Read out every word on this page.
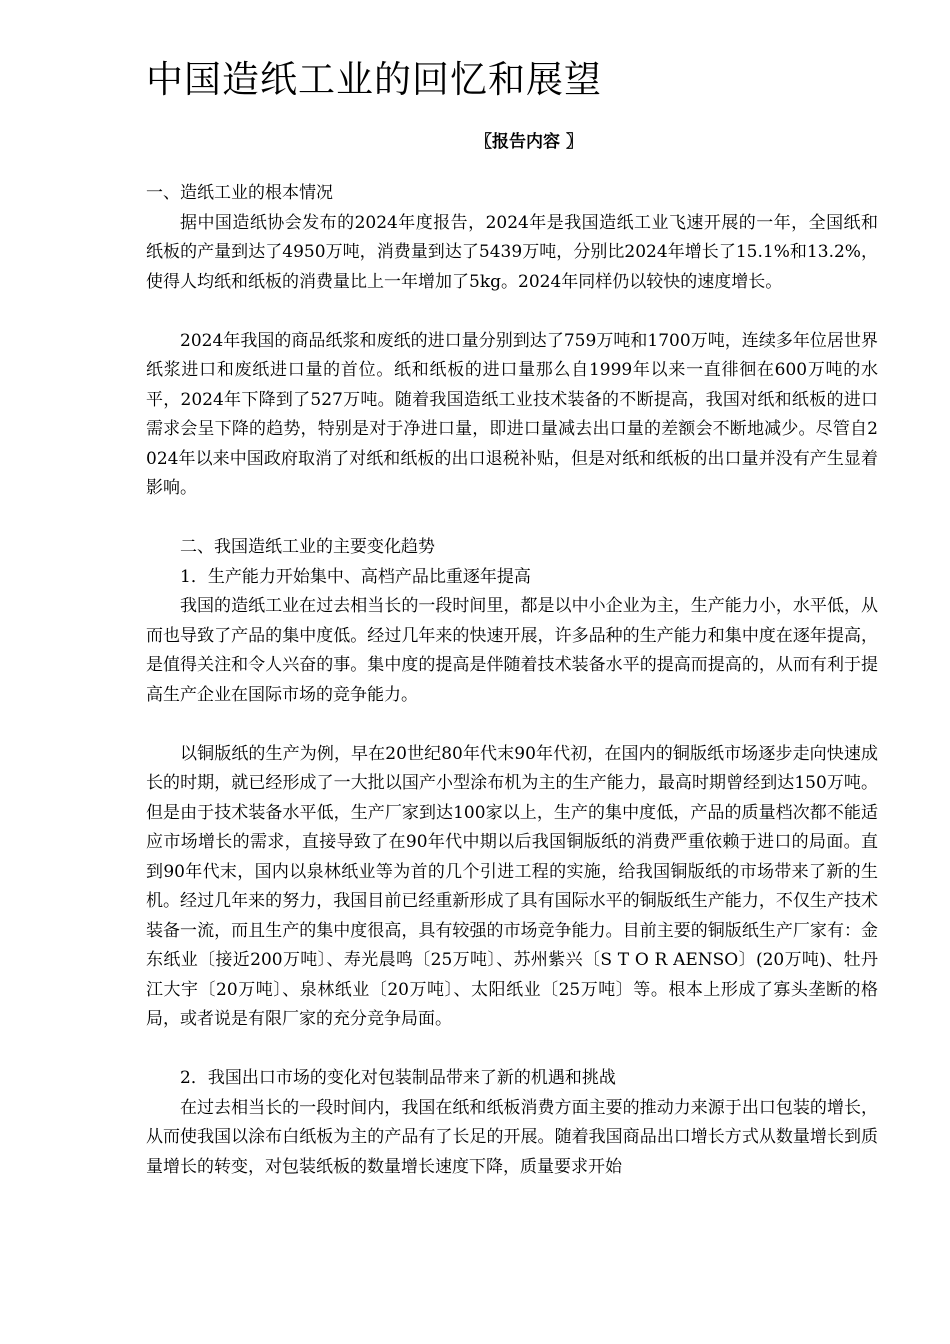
中国造纸工业的回忆和展望
〖报告内容 〗

一、造纸工业的根本情况

据中国造纸协会发布的2024年度报告，2024年是我国造纸工业飞速开展的一年，全国纸和纸板的产量到达了4950万吨，消费量到达了5439万吨，分别比2024年增长了15.1%和13.2%，使得人均纸和纸板的消费量比上一年增加了5kg。2024年同样仍以较快的速度增长。

2024年我国的商品纸浆和废纸的进口量分别到达了759万吨和1700万吨，连续多年位居世界纸浆进口和废纸进口量的首位。纸和纸板的进口量那么自1999年以来一直徘徊在600万吨的水平，2024年下降到了527万吨。随着我国造纸工业技术装备的不断提高，我国对纸和纸板的进口需求会呈下降的趋势，特别是对于净进口量，即进口量减去出口量的差额会不断地减少。尽管自2024年以来中国政府取消了对纸和纸板的出口退税补贴，但是对纸和纸板的出口量并没有产生显着影响。

二、我国造纸工业的主要变化趋势

1．生产能力开始集中、高档产品比重逐年提高

我国的造纸工业在过去相当长的一段时间里，都是以中小企业为主，生产能力小，水平低，从而也导致了产品的集中度低。经过几年来的快速开展，许多品种的生产能力和集中度在逐年提高，是值得关注和令人兴奋的事。集中度的提高是伴随着技术装备水平的提高而提高的，从而有利于提高生产企业在国际市场的竞争能力。

以铜版纸的生产为例，早在20世纪80年代末90年代初，在国内的铜版纸市场逐步走向快速成长的时期，就已经形成了一大批以国产小型涂布机为主的生产能力，最高时期曾经到达150万吨。但是由于技术装备水平低，生产厂家到达100家以上，生产的集中度低，产品的质量档次都不能适应市场增长的需求，直接导致了在90年代中期以后我国铜版纸的消费严重依赖于进口的局面。直到90年代末，国内以泉林纸业等为首的几个引进工程的实施，给我国铜版纸的市场带来了新的生机。经过几年来的努力，我国目前已经重新形成了具有国际水平的铜版纸生产能力，不仅生产技术装备一流，而且生产的集中度很高，具有较强的市场竞争能力。目前主要的铜版纸生产厂家有：金东纸业〔接近200万吨〕、寿光晨鸣〔25万吨〕、苏州紫兴〔S T O R AENSO〕(20万吨)、牡丹江大宇〔20万吨〕、泉林纸业〔20万吨〕、太阳纸业〔25万吨〕等。根本上形成了寡头垄断的格局，或者说是有限厂家的充分竞争局面。

2．我国出口市场的变化对包装制品带来了新的机遇和挑战

在过去相当长的一段时间内，我国在纸和纸板消费方面主要的推动力来源于出口包装的增长，从而使我国以涂布白纸板为主的产品有了长足的开展。随着我国商品出口增长方式从数量增长到质量增长的转变，对包装纸板的数量增长速度下降，质量要求开始
